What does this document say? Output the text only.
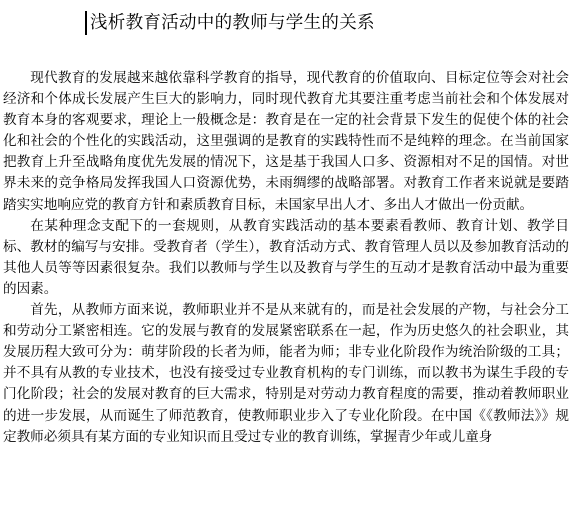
浅析教育活动中的教师与学生的关系

现代教育的发展越来越依靠科学教育的指导，现代教育的价值取向、目标定位等会对社会经济和个体成长发展产生巨大的影响力，同时现代教育尤其要注重考虑当前社会和个体发展对教育本身的客观要求，理论上一般概念是：教育是在一定的社会背景下发生的促使个体的社会化和社会的个性化的实践活动，这里强调的是教育的实践特性而不是纯粹的理念。在当前国家把教育上升至战略角度优先发展的情况下，这是基于我国人口多、资源相对不足的国情。对世界未来的竞争格局发挥我国人口资源优势，未雨绸缪的战略部署。对教育工作者来说就是要踏踏实实地响应党的教育方针和素质教育目标，未国家早出人才、多出人才做出一份贡献。

在某种理念支配下的一套规则，从教育实践活动的基本要素看教师、教育计划、教学目标、教材的编写与安排。受教育者（学生），教育活动方式、教育管理人员以及参加教育活动的其他人员等等因素很复杂。我们以教师与学生以及教育与学生的互动才是教育活动中最为重要的因素。

首先，从教师方面来说，教师职业并不是从来就有的，而是社会发展的产物，与社会分工和劳动分工紧密相连。它的发展与教育的发展紧密联系在一起，作为历史悠久的社会职业，其发展历程大致可分为：萌芽阶段的长者为师，能者为师；非专业化阶段作为统治阶级的工具；并不具有从教的专业技术，也没有接受过专业教育机构的专门训练，而以教书为谋生手段的专门化阶段；社会的发展对教育的巨大需求，特别是对劳动力教育程度的需要，推动着教师职业的进一步发展，从而诞生了师范教育，使教师职业步入了专业化阶段。在中国《《教师法》》规定教师必须具有某方面的专业知识而且受过专业的教育训练，掌握青少年或儿童身
